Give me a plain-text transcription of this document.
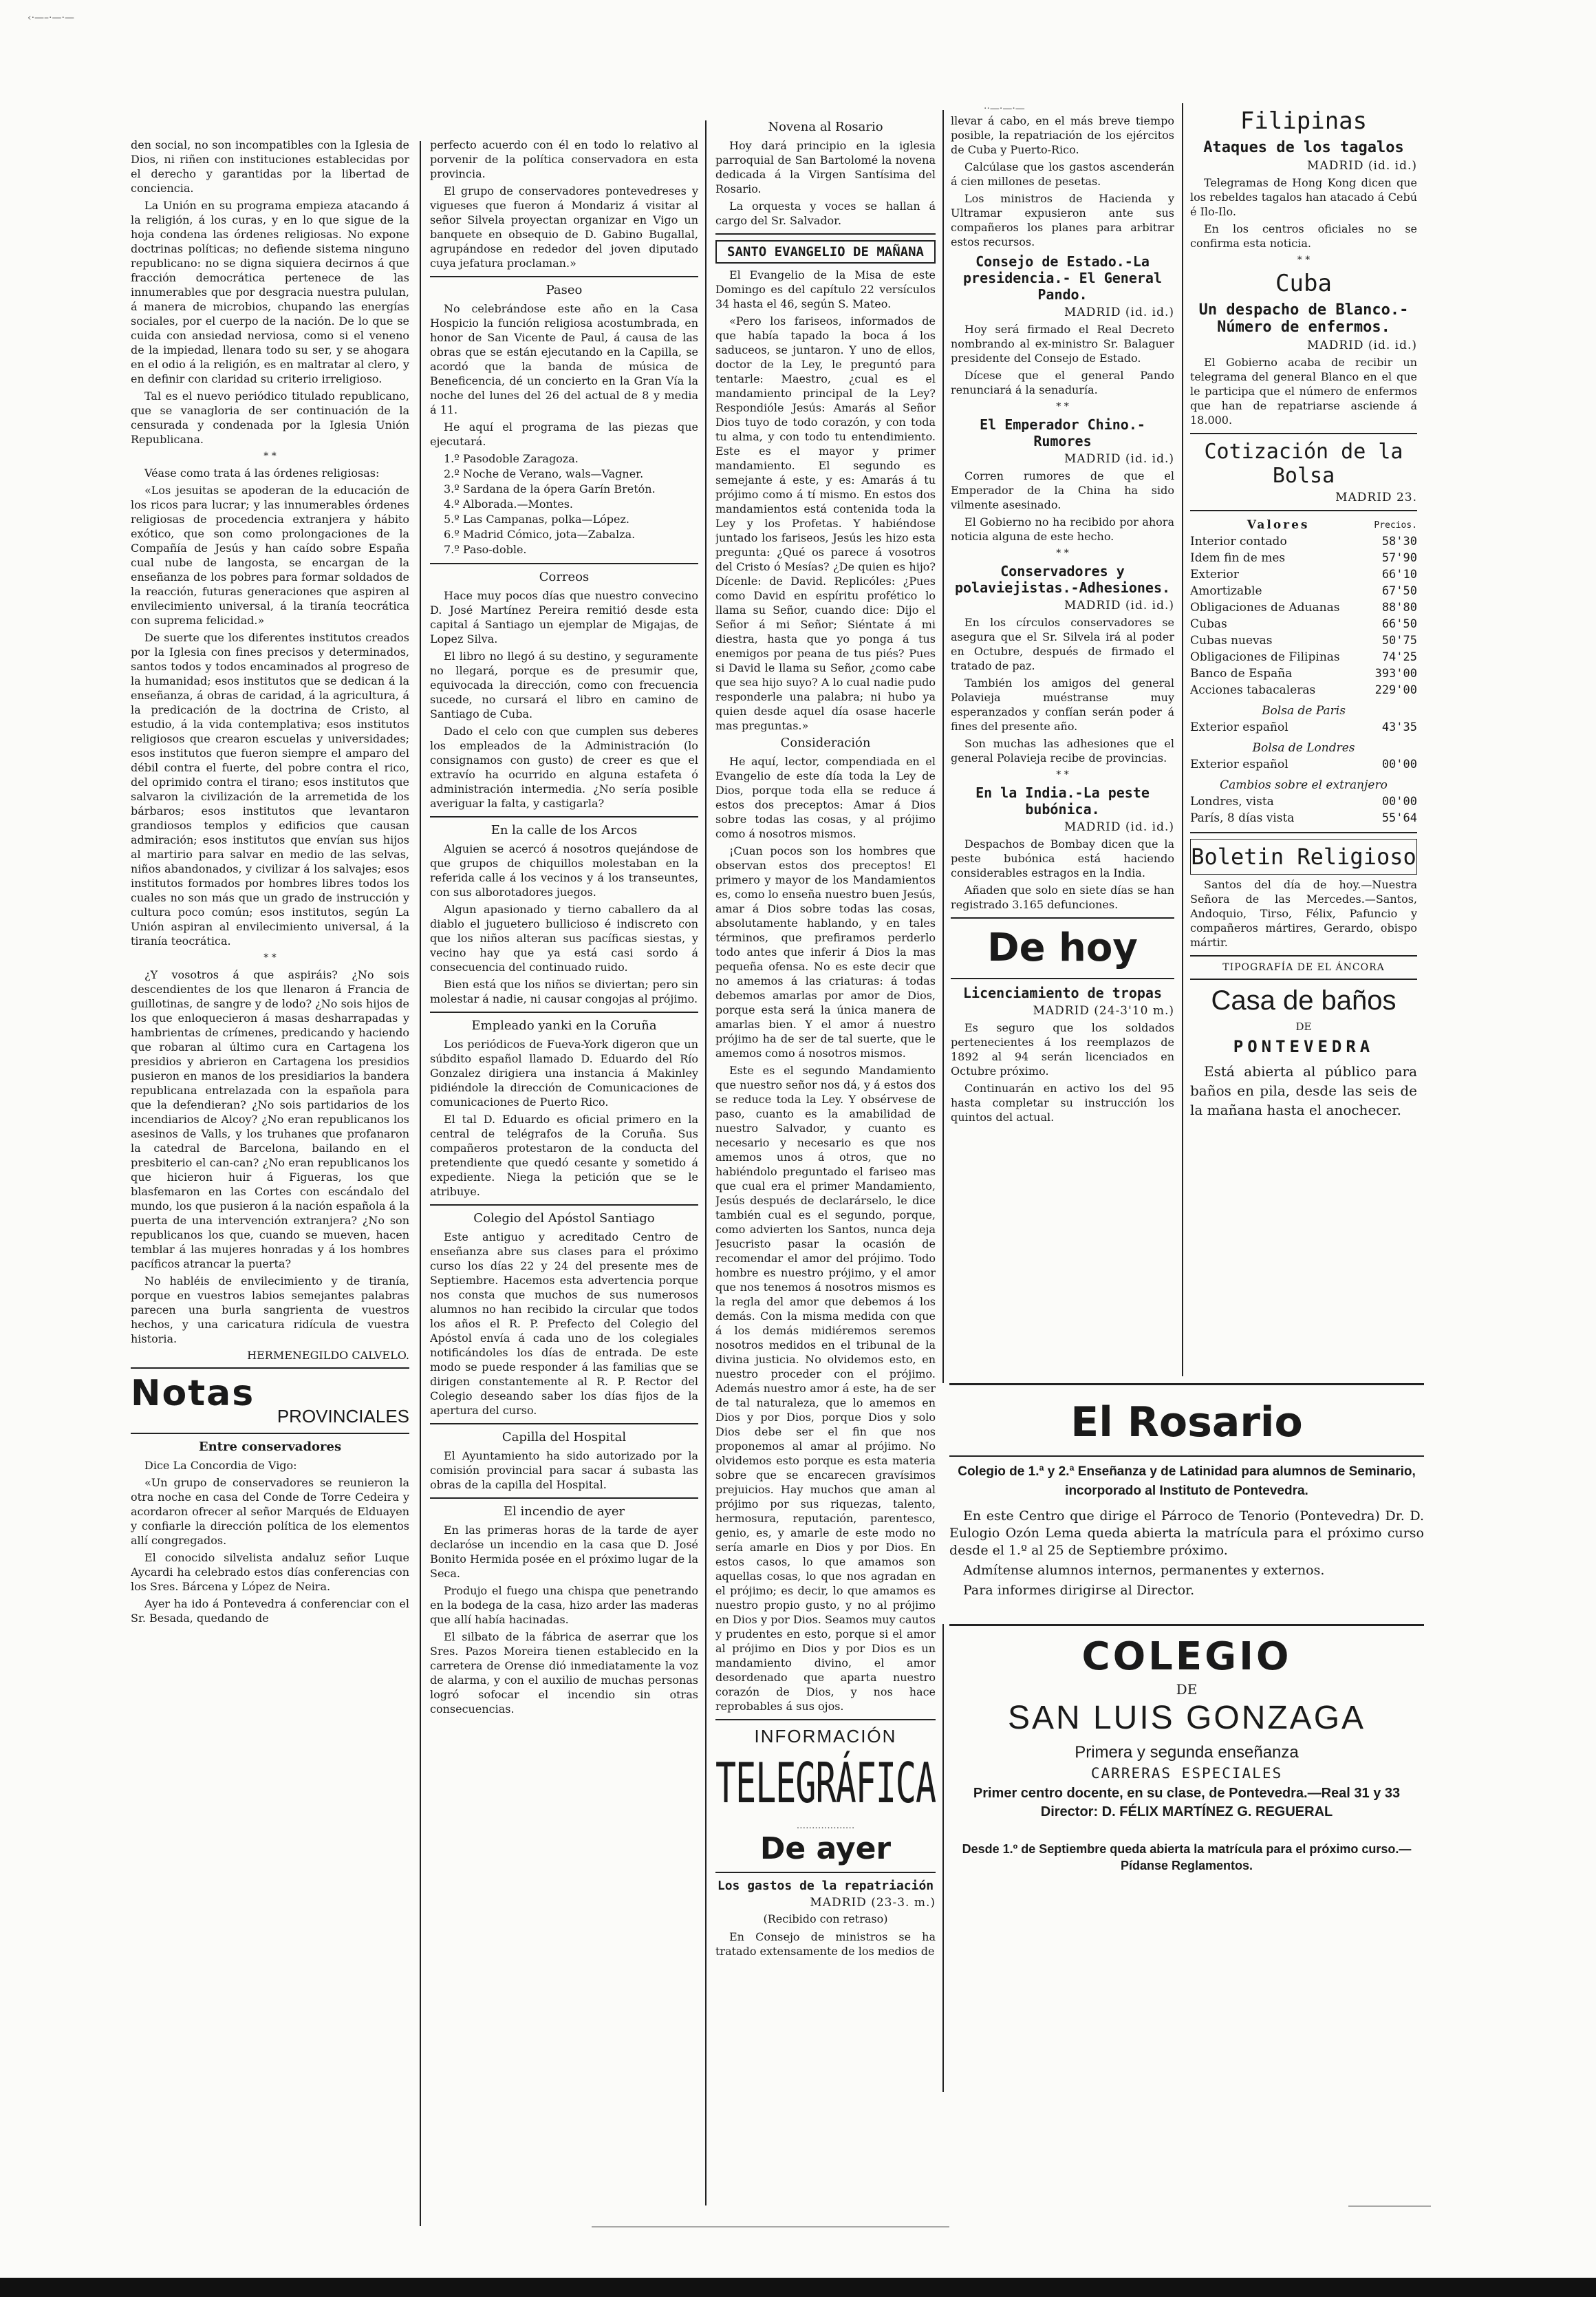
‹·—–·—·—
··—·—·—

den social, no son incompatibles con la Iglesia de Dios, ni riñen con instituciones establecidas por el derecho y garantidas por la libertad de conciencia.

La Unión en su programa empieza atacando á la religión, á los curas, y en lo que sigue de la hoja condena las órdenes religiosas. No expone doctrinas políticas; no defiende sistema ninguno republicano: no se digna siquiera decirnos á que fracción democrática pertenece de las innumerables que por desgracia nuestra pululan, á manera de microbios, chupando las energías sociales, por el cuerpo de la nación. De lo que se cuida con ansiedad nerviosa, como si el veneno de la impiedad, llenara todo su ser, y se ahogara en el odio á la religión, es en maltratar al clero, y en definir con claridad su criterio irreligioso.

Tal es el nuevo periódico titulado republicano, que se vanagloria de ser continuación de la censurada y condenada por la Iglesia Unión Republicana.

* *

Véase como trata á las órdenes religiosas:

«Los jesuitas se apoderan de la educación de los ricos para lucrar; y las innumerables órdenes religiosas de procedencia extranjera y hábito exótico, que son como prolongaciones de la Compañía de Jesús y han caído sobre España cual nube de langosta, se encargan de la enseñanza de los pobres para formar soldados de la reacción, futuras generaciones que aspiren al envilecimiento universal, á la tiranía teocrática con suprema felicidad.»

De suerte que los diferentes institutos creados por la Iglesia con fines precisos y determinados, santos todos y todos encaminados al progreso de la humanidad; esos institutos que se dedican á la enseñanza, á obras de caridad, á la agricultura, á la predicación de la doctrina de Cristo, al estudio, á la vida contemplativa; esos institutos religiosos que crearon escuelas y universidades; esos institutos que fueron siempre el amparo del débil contra el fuerte, del pobre contra el rico, del oprimido contra el tirano; esos institutos que salvaron la civilización de la arremetida de los bárbaros; esos institutos que levantaron grandiosos templos y edificios que causan admiración; esos institutos que envían sus hijos al martirio para salvar en medio de las selvas, niños abandonados, y civilizar á los salvajes; esos institutos formados por hombres libres todos los cuales no son más que un grado de instrucción y cultura poco común; esos institutos, según La Unión aspiran al envilecimiento universal, á la tiranía teocrática.

* *

¿Y vosotros á que aspiráis? ¿No sois descendientes de los que llenaron á Francia de guillotinas, de sangre y de lodo? ¿No sois hijos de los que enloquecieron á masas desharrapadas y hambrientas de crímenes, predicando y haciendo que robaran al último cura en Cartagena los presidios y abrieron en Cartagena los presidios pusieron en manos de los presidiarios la bandera republicana entrelazada con la española para que la defendieran? ¿No sois partidarios de los incendiarios de Alcoy? ¿No eran republicanos los asesinos de Valls, y los truhanes que profanaron la catedral de Barcelona, bailando en el presbiterio el can-can? ¿No eran republicanos los que hicieron huir á Figueras, los que blasfemaron en las Cortes con escándalo del mundo, los que pusieron á la nación española á la puerta de una intervención extranjera? ¿No son republicanos los que, cuando se mueven, hacen temblar á las mujeres honradas y á los hombres pacíficos atrancar la puerta?

No habléis de envilecimiento y de tiranía, porque en vuestros labios semejantes palabras parecen una burla sangrienta de vuestros hechos, y una caricatura ridícula de vuestra historia.

HERMENEGILDO CALVELO.
Notas
PROVINCIALES
Entre conservadores

Dice La Concordia de Vigo:

«Un grupo de conservadores se reunieron la otra noche en casa del Conde de Torre Cedeira y acordaron ofrecer al señor Marqués de Elduayen y confiarle la dirección política de los elementos allí congregados.

El conocido silvelista andaluz señor Luque Aycardi ha celebrado estos días conferencias con los Sres. Bárcena y López de Neira.

Ayer ha ido á Pontevedra á conferenciar con el Sr. Besada, quedando de

perfecto acuerdo con él en todo lo relativo al porvenir de la política conservadora en esta provincia.

El grupo de conservadores pontevedreses y vigueses que fueron á Mondariz á visitar al señor Silvela proyectan organizar en Vigo un banquete en obsequio de D. Gabino Bugallal, agrupándose en rededor del joven diputado cuya jefatura proclaman.»

Paseo

No celebrándose este año en la Casa Hospicio la función religiosa acostumbrada, en honor de San Vicente de Paul, á causa de las obras que se están ejecutando en la Capilla, se acordó que la banda de música de Beneficencia, dé un concierto en la Gran Vía la noche del lunes del 26 del actual de 8 y media á 11.

He aquí el programa de las piezas que ejecutará.

1.º Pasodoble Zaragoza.
2.º Noche de Verano, wals—Vagner.
3.º Sardana de la ópera Garín Bretón.
4.º Alborada.—Montes.
5.º Las Campanas, polka—López.
6.º Madrid Cómico, jota—Zabalza.
7.º Paso-doble.
Correos

Hace muy pocos días que nuestro convecino D. José Martínez Pereira remitió desde esta capital á Santiago un ejemplar de Migajas, de Lopez Silva.

El libro no llegó á su destino, y seguramente no llegará, porque es de presumir que, equivocada la dirección, como con frecuencia sucede, no cursará el libro en camino de Santiago de Cuba.

Dado el celo con que cumplen sus deberes los empleados de la Administración (lo consignamos con gusto) de creer es que el extravío ha ocurrido en alguna estafeta ó administración intermedia. ¿No sería posible averiguar la falta, y castigarla?

En la calle de los Arcos

Alguien se acercó á nosotros quejándose de que grupos de chiquillos molestaban en la referida calle á los vecinos y á los transeuntes, con sus alborotadores juegos.

Algun apasionado y tierno caballero da al diablo el juguetero bullicioso é indiscreto con que los niños alteran sus pacíficas siestas, y vecino hay que ya está casi sordo á consecuencia del continuado ruido.

Bien está que los niños se diviertan; pero sin molestar á nadie, ni causar congojas al prójimo.

Empleado yanki en la Coruña

Los periódicos de Fueva-York digeron que un súbdito español llamado D. Eduardo del Río Gonzalez dirigiera una instancia á Makinley pidiéndole la dirección de Comunicaciones de comunicaciones de Puerto Rico.

El tal D. Eduardo es oficial primero en la central de telégrafos de la Coruña. Sus compañeros protestaron de la conducta del pretendiente que quedó cesante y sometido á expediente. Niega la petición que se le atribuye.

Colegio del Apóstol Santiago

Este antiguo y acreditado Centro de enseñanza abre sus clases para el próximo curso los días 22 y 24 del presente mes de Septiembre. Hacemos esta advertencia porque nos consta que muchos de sus numerosos alumnos no han recibido la circular que todos los años el R. P. Prefecto del Colegio del Apóstol envía á cada uno de los colegiales notificándoles los días de entrada. De este modo se puede responder á las familias que se dirigen constantemente al R. P. Rector del Colegio deseando saber los días fijos de la apertura del curso.

Capilla del Hospital

El Ayuntamiento ha sido autorizado por la comisión provincial para sacar á subasta las obras de la capilla del Hospital.

El incendio de ayer

En las primeras horas de la tarde de ayer declaróse un incendio en la casa que D. José Bonito Hermida posée en el próximo lugar de la Seca.

Produjo el fuego una chispa que penetrando en la bodega de la casa, hizo arder las maderas que allí había hacinadas.

El silbato de la fábrica de aserrar que los Sres. Pazos Moreira tienen establecido en la carretera de Orense dió inmediatamente la voz de alarma, y con el auxilio de muchas personas logró sofocar el incendio sin otras consecuencias.

Novena al Rosario

Hoy dará principio en la iglesia parroquial de San Bartolomé la novena dedicada á la Virgen Santísima del Rosario.

La orquesta y voces se hallan á cargo del Sr. Salvador.

SANTO EVANGELIO DE MAÑANA

El Evangelio de la Misa de este Domingo es del capítulo 22 versículos 34 hasta el 46, según S. Mateo.

«Pero los fariseos, informados de que había tapado la boca á los saduceos, se juntaron. Y uno de ellos, doctor de la Ley, le preguntó para tentarle: Maestro, ¿cual es el mandamiento principal de la Ley? Respondióle Jesús: Amarás al Señor Dios tuyo de todo corazón, y con toda tu alma, y con todo tu entendimiento. Este es el mayor y primer mandamiento. El segundo es semejante á este, y es: Amarás á tu prójimo como á tí mismo. En estos dos mandamientos está contenida toda la Ley y los Profetas. Y habiéndose juntado los fariseos, Jesús les hizo esta pregunta: ¿Qué os parece á vosotros del Cristo ó Mesías? ¿De quien es hijo? Dícenle: de David. Replicóles: ¿Pues como David en espíritu profético lo llama su Señor, cuando dice: Dijo el Señor á mi Señor; Siéntate á mi diestra, hasta que yo ponga á tus enemigos por peana de tus piés? Pues si David le llama su Señor, ¿como cabe que sea hijo suyo? A lo cual nadie pudo responderle una palabra; ni hubo ya quien desde aquel día osase hacerle mas preguntas.»

Consideración

He aquí, lector, compendiada en el Evangelio de este día toda la Ley de Dios, porque toda ella se reduce á estos dos preceptos: Amar á Dios sobre todas las cosas, y al prójimo como á nosotros mismos.

¡Cuan pocos son los hombres que observan estos dos preceptos! El primero y mayor de los Mandamientos es, como lo enseña nuestro buen Jesús, amar á Dios sobre todas las cosas, absolutamente hablando, y en tales términos, que prefiramos perderlo todo antes que inferir á Dios la mas pequeña ofensa. No es este decir que no amemos á las criaturas: á todas debemos amarlas por amor de Dios, porque esta será la única manera de amarlas bien. Y el amor á nuestro prójimo ha de ser de tal suerte, que le amemos como á nosotros mismos.

Este es el segundo Mandamiento que nuestro señor nos dá, y á estos dos se reduce toda la Ley. Y obsérvese de paso, cuanto es la amabilidad de nuestro Salvador, y cuanto es necesario y necesario es que nos amemos unos á otros, que no habiéndolo preguntado el fariseo mas que cual era el primer Mandamiento, Jesús después de declarárselo, le dice también cual es el segundo, porque, como advierten los Santos, nunca deja Jesucristo pasar la ocasión de recomendar el amor del prójimo. Todo hombre es nuestro prójimo, y el amor que nos tenemos á nosotros mismos es la regla del amor que debemos á los demás. Con la misma medida con que á los demás midiéremos seremos nosotros medidos en el tribunal de la divina justicia. No olvidemos esto, en nuestro proceder con el prójimo. Además nuestro amor á este, ha de ser de tal naturaleza, que lo amemos en Dios y por Dios, porque Dios y solo Dios debe ser el fin que nos proponemos al amar al prójimo. No olvidemos esto porque es esta materia sobre que se encarecen gravísimos prejuicios. Hay muchos que aman al prójimo por sus riquezas, talento, hermosura, reputación, parentesco, genio, es, y amarle de este modo no sería amarle en Dios y por Dios. En estos casos, lo que amamos son aquellas cosas, lo que nos agradan en el prójimo; es decir, lo que amamos es nuestro propio gusto, y no al prójimo en Dios y por Dios. Seamos muy cautos y prudentes en esto, porque si el amor al prójimo en Dios y por Dios es un mandamiento divino, el amor desordenado que aparta nuestro corazón de Dios, y nos hace reprobables á sus ojos.

INFORMACIÓN
TELEGRÁFICA
...................
De ayer
Los gastos de la repatriación
MADRID (23-3. m.)
(Recibido con retraso)

En Consejo de ministros se ha tratado extensamente de los medios de

llevar á cabo, en el más breve tiempo posible, la repatriación de los ejércitos de Cuba y Puerto-Rico.

Calcúlase que los gastos ascenderán á cien millones de pesetas.

Los ministros de Hacienda y Ultramar expusieron ante sus compañeros los planes para arbitrar estos recursos.

Consejo de Estado.-La presidencia.- El General Pando.
MADRID (id. id.)

Hoy será firmado el Real Decreto nombrando al ex-ministro Sr. Balaguer presidente del Consejo de Estado.

Dícese que el general Pando renunciará á la senaduría.

* *
El Emperador Chino.-Rumores
MADRID (id. id.)

Corren rumores de que el Emperador de la China ha sido vilmente asesinado.

El Gobierno no ha recibido por ahora noticia alguna de este hecho.

* *
Conservadores y polaviejistas.-Adhesiones.
MADRID (id. id.)

En los círculos conservadores se asegura que el Sr. Silvela irá al poder en Octubre, después de firmado el tratado de paz.

También los amigos del general Polavieja muéstranse muy esperanzados y confían serán poder á fines del presente año.

Son muchas las adhesiones que el general Polavieja recibe de provincias.

* *
En la India.-La peste bubónica.
MADRID (id. id.)

Despachos de Bombay dicen que la peste bubónica está haciendo considerables estragos en la India.

Añaden que solo en siete días se han registrado 3.165 defunciones.

De hoy
Licenciamiento de tropas
MADRID (24-3'10 m.)

Es seguro que los soldados pertenecientes á los reemplazos de 1892 al 94 serán licenciados en Octubre próximo.

Continuarán en activo los del 95 hasta completar su instrucción los quintos del actual.

Filipinas
Ataques de los tagalos
MADRID (id. id.)

Telegramas de Hong Kong dicen que los rebeldes tagalos han atacado á Cebú é Ilo-Ilo.

En los centros oficiales no se confirma esta noticia.

* *
Cuba
Un despacho de Blanco.-Número de enfermos.
MADRID (id. id.)

El Gobierno acaba de recibir un telegrama del general Blanco en el que le participa que el número de enfermos que han de repatriarse asciende á 18.000.

Cotización de la Bolsa
MADRID 23.
Valores	Precios.
Interior contado	58'30
Idem fin de mes	57'90
Exterior	66'10
Amortizable	67'50
Obligaciones de Aduanas	88'80
Cubas	66'50
Cubas nuevas	50'75
Obligaciones de Filipinas	74'25
Banco de España	393'00
Acciones tabacaleras	229'00
Bolsa de Paris	
Exterior español	43'35
Bolsa de Londres	
Exterior español	00'00
Cambios sobre el extranjero	
Londres, vista	00'00
París, 8 días vista	55'64
Boletin Religioso

Santos del día de hoy.—Nuestra Señora de las Mercedes.—Santos, Andoquio, Tirso, Félix, Pafuncio y compañeros mártires, Gerardo, obispo mártir.

TIPOGRAFÍA DE EL ÁNCORA
Casa de baños
DE
PONTEVEDRA

Está abierta al público para baños en pila, desde las seis de la mañana hasta el anochecer.

El Rosario
Colegio de 1.ª y 2.ª Enseñanza y de Latinidad para alumnos de Seminario, incorporado al Instituto de Pontevedra.

En este Centro que dirige el Párroco de Tenorio (Pontevedra) Dr. D. Eulogio Ozón Lema queda abierta la matrícula para el próximo curso desde el 1.º al 25 de Septiembre próximo.

Admítense alumnos internos, permanentes y externos.

Para informes dirigirse al Director.

COLEGIO
DE
SAN LUIS GONZAGA
Primera y segunda enseñanza
CARRERAS ESPECIALES
Primer centro docente, en su clase, de Pontevedra.—Real 31 y 33
Director: D. FÉLIX MARTÍNEZ G. REGUERAL
Desde 1.º de Septiembre queda abierta la matrícula para el próximo curso.—Pídanse Reglamentos.
